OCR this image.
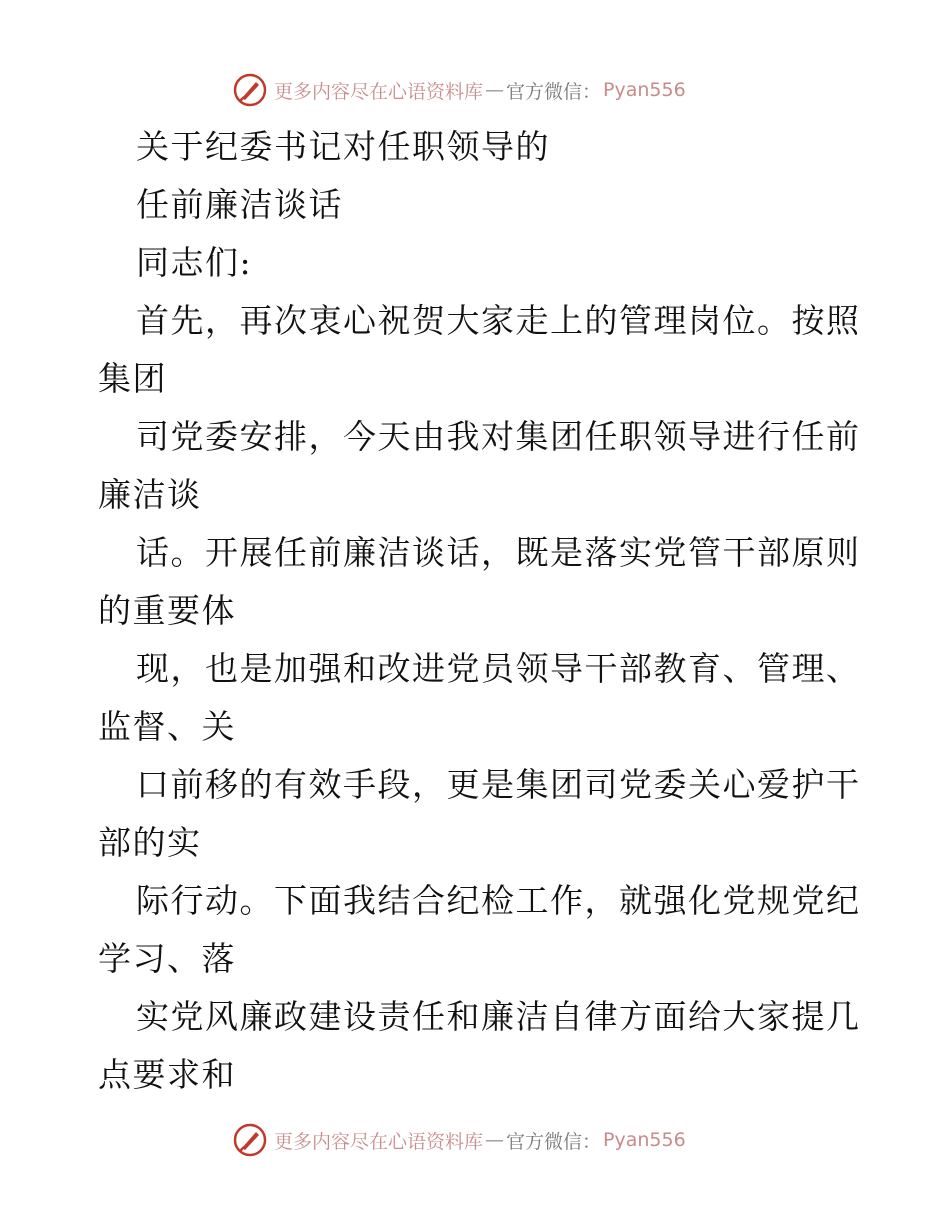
更多内容尽在心语资料库 — 官方微信： Pyan556
关于纪委书记对任职领导的
任前廉洁谈话
同志们:
首先，再次衷心祝贺大家走上的管理岗位。按照
集团
司党委安排，今天由我对集团任职领导进行任前
廉洁谈
话。开展任前廉洁谈话，既是落实党管干部原则
的重要体
现，也是加强和改进党员领导干部教育、管理、
监督、关
口前移的有效手段，更是集团司党委关心爱护干
部的实
际行动。下面我结合纪检工作，就强化党规党纪
学习、落
实党风廉政建设责任和廉洁自律方面给大家提几
点要求和
更多内容尽在心语资料库 — 官方微信： Pyan556
